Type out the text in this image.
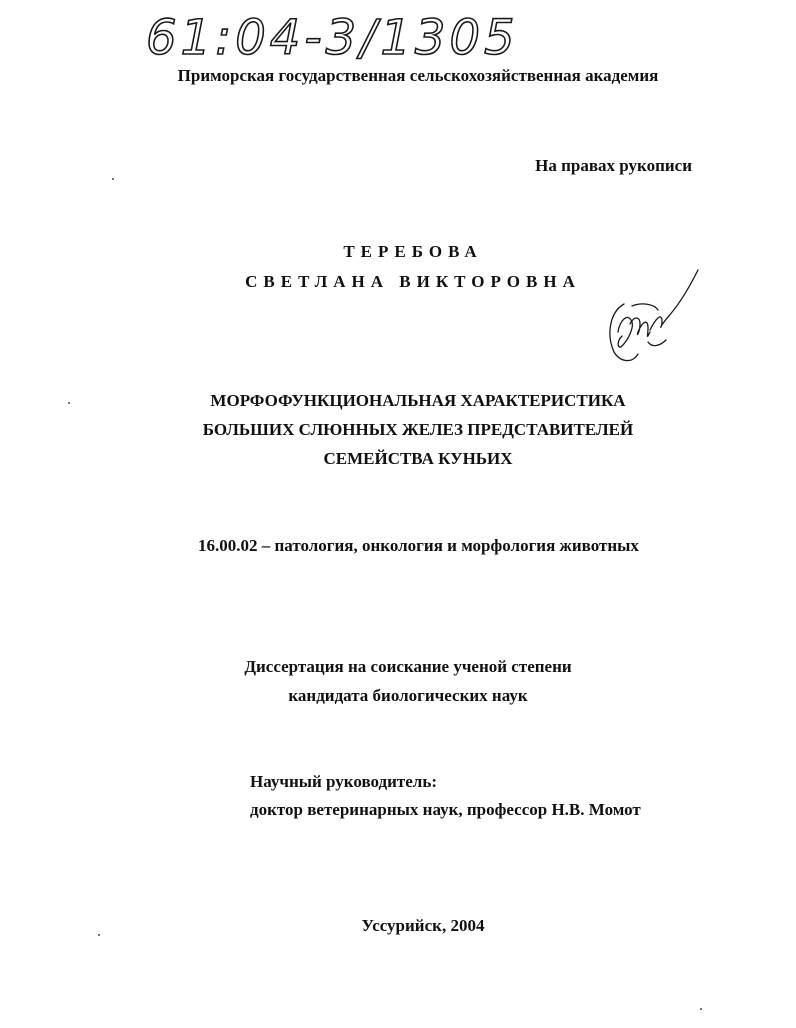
61:04-3/1305
Приморская государственная сельскохозяйственная академия
На правах рукописи
ТЕРЕБОВА
СВЕТЛАНА ВИКТОРОВНА
МОРФОФУНКЦИОНАЛЬНАЯ ХАРАКТЕРИСТИКА
БОЛЬШИХ СЛЮННЫХ ЖЕЛЕЗ ПРЕДСТАВИТЕЛЕЙ
СЕМЕЙСТВА КУНЬИХ
16.00.02 – патология, онкология и морфология животных
Диссертация на соискание ученой степени
кандидата биологических наук
Научный руководитель:
доктор ветеринарных наук, профессор Н.В. Момот
Уссурийск, 2004
